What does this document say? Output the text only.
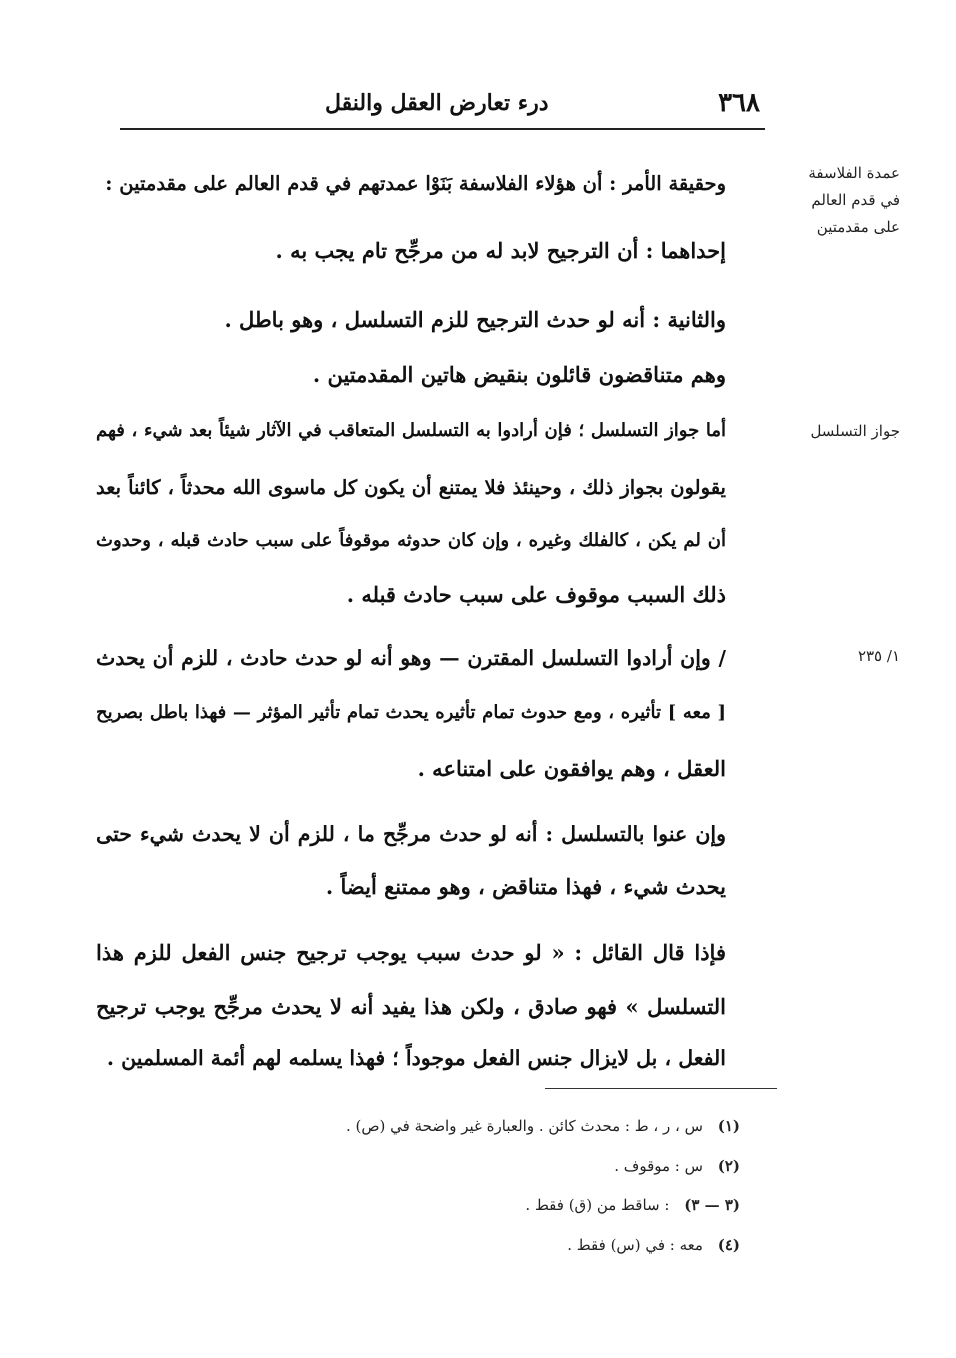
٣٦٨
درء تعارض العقل والنقل
عمدة الفلاسفة
في قدم العالم
على مقدمتين
جواز التسلسل
١/ ٢٣٥
وحقيقة الأمر : أن هؤلاء الفلاسفة بَنَوْا عمدتهم في قدم العالم على مقدمتين :
إحداهما : أن الترجيح لابد له من مرجِّح تام يجب به .
والثانية : أنه لو حدث الترجيح للزم التسلسل ، وهو باطل .
وهم متناقضون قائلون بنقيض هاتين المقدمتين .
أما جواز التسلسل ؛ فإن أرادوا به التسلسل المتعاقب في الآثار شيئاً بعد شيء ، فهم
يقولون بجواز ذلك ، وحينئذ فلا يمتنع أن يكون كل ماسوى الله محدثاً ، كائناً بعد
أن لم يكن ، كالفلك وغيره ، وإن كان حدوثه موقوفاً على سبب حادث قبله ، وحدوث
ذلك السبب موقوف على سبب حادث قبله .
/ وإن أرادوا التسلسل المقترن — وهو أنه لو حدث حادث ، للزم أن يحدث
[ معه ] تأثيره ، ومع حدوث تمام تأثيره يحدث تمام تأثير المؤثر — فهذا باطل بصريح
العقل ، وهم يوافقون على امتناعه .
وإن عنوا بالتسلسل : أنه لو حدث مرجِّح ما ، للزم أن لا يحدث شيء حتى
يحدث شيء ، فهذا متناقض ، وهو ممتنع أيضاً .
فإذا قال القائل : « لو حدث سبب يوجب ترجيح جنس الفعل للزم هذا
التسلسل » فهو صادق ، ولكن هذا يفيد أنه لا يحدث مرجِّح يوجب ترجيح
الفعل ، بل لايزال جنس الفعل موجوداً ؛ فهذا يسلمه لهم أئمة المسلمين .
(١) س ، ر ، ط : محدث كائن . والعبارة غير واضحة في (ص) .
(٢) س : موقوف .
(٣ — ٣) : ساقط من (ق) فقط .
(٤) معه : في (س) فقط .
